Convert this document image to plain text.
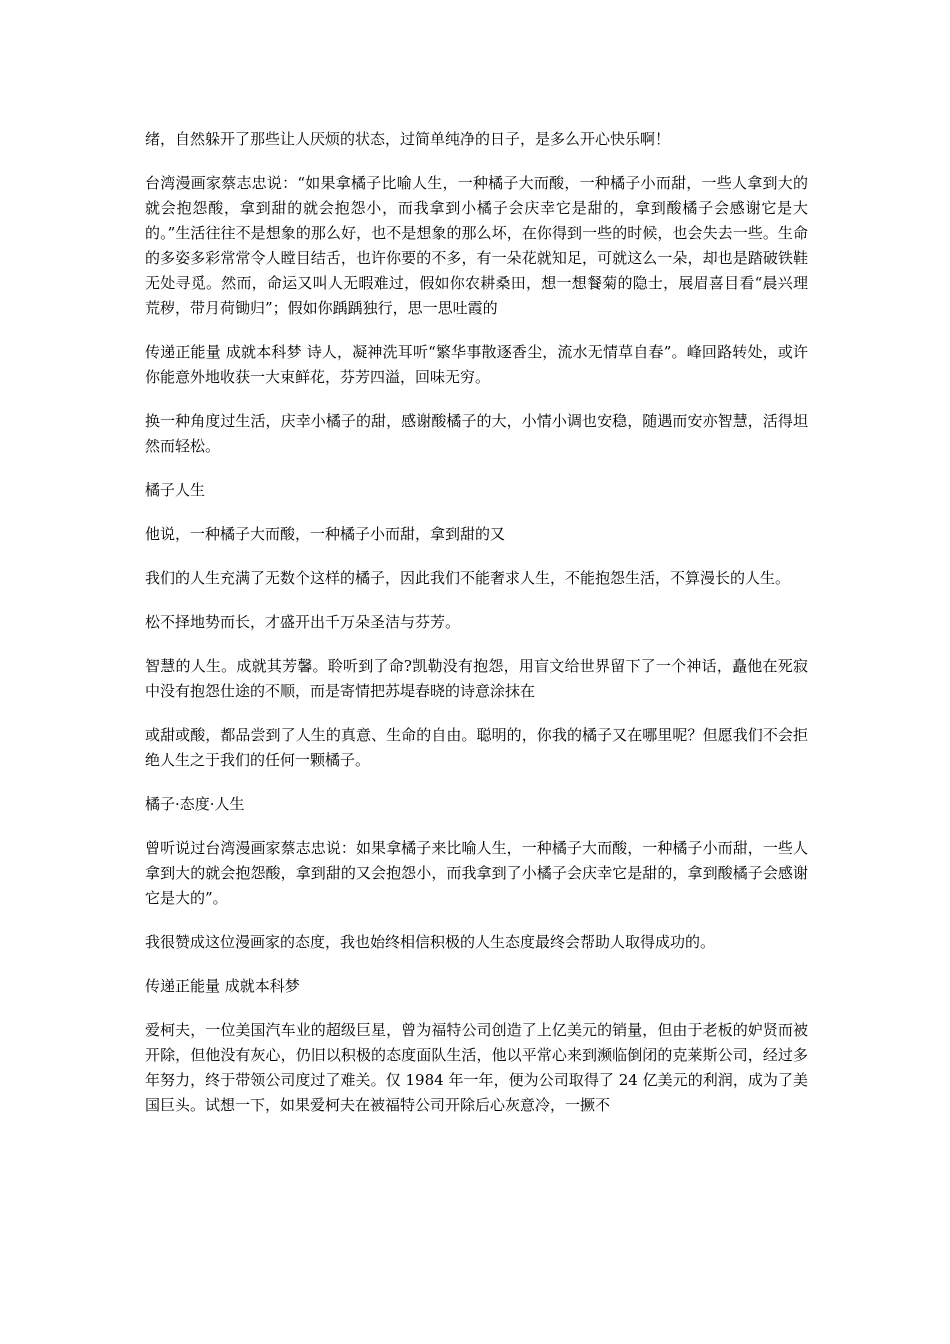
绪，自然躲开了那些让人厌烦的状态，过简单纯净的日子，是多么开心快乐啊！

台湾漫画家蔡志忠说：“如果拿橘子比喻人生，一种橘子大而酸，一种橘子小而甜，一些人拿到大的就会抱怨酸，拿到甜的就会抱怨小，而我拿到小橘子会庆幸它是甜的，拿到酸橘子会感谢它是大的。”生活往往不是想象的那么好，也不是想象的那么坏，在你得到一些的时候，也会失去一些。生命的多姿多彩常常令人瞠目结舌，也许你要的不多，有一朵花就知足，可就这么一朵，却也是踏破铁鞋无处寻觅。然而，命运又叫人无暇难过，假如你农耕桑田，想一想餐菊的隐士，展眉喜目看“晨兴理荒秽，带月荷锄归”；假如你踽踽独行，思一思吐霞的

传递正能量 成就本科梦 诗人，凝神洗耳听“繁华事散逐香尘，流水无情草自春”。峰回路转处，或许你能意外地收获一大束鲜花，芬芳四溢，回味无穷。

换一种角度过生活，庆幸小橘子的甜，感谢酸橘子的大，小情小调也安稳，随遇而安亦智慧，活得坦然而轻松。

橘子人生

他说，一种橘子大而酸，一种橘子小而甜，拿到甜的又

我们的人生充满了无数个这样的橘子，因此我们不能奢求人生，不能抱怨生活，不算漫长的人生。

松不择地势而长，才盛开出千万朵圣洁与芬芳。

智慧的人生。成就其芳馨。聆听到了命?凯勒没有抱怨，用盲文给世界留下了一个神话，矗他在死寂中没有抱怨仕途的不顺，而是寄情把苏堤春晓的诗意涂抹在

或甜或酸，都品尝到了人生的真意、生命的自由。聪明的，你我的橘子又在哪里呢？但愿我们不会拒绝人生之于我们的任何一颗橘子。

橘子·态度·人生

曾听说过台湾漫画家蔡志忠说：如果拿橘子来比喻人生，一种橘子大而酸，一种橘子小而甜，一些人拿到大的就会抱怨酸，拿到甜的又会抱怨小，而我拿到了小橘子会庆幸它是甜的，拿到酸橘子会感谢它是大的”。

我很赞成这位漫画家的态度，我也始终相信积极的人生态度最终会帮助人取得成功的。

传递正能量 成就本科梦

爱柯夫，一位美国汽车业的超级巨星，曾为福特公司创造了上亿美元的销量，但由于老板的妒贤而被开除，但他没有灰心，仍旧以积极的态度面队生活，他以平常心来到濒临倒闭的克莱斯公司，经过多年努力，终于带领公司度过了难关。仅 1984 年一年，便为公司取得了 24 亿美元的利润，成为了美国巨头。试想一下，如果爱柯夫在被福特公司开除后心灰意冷，一撅不
